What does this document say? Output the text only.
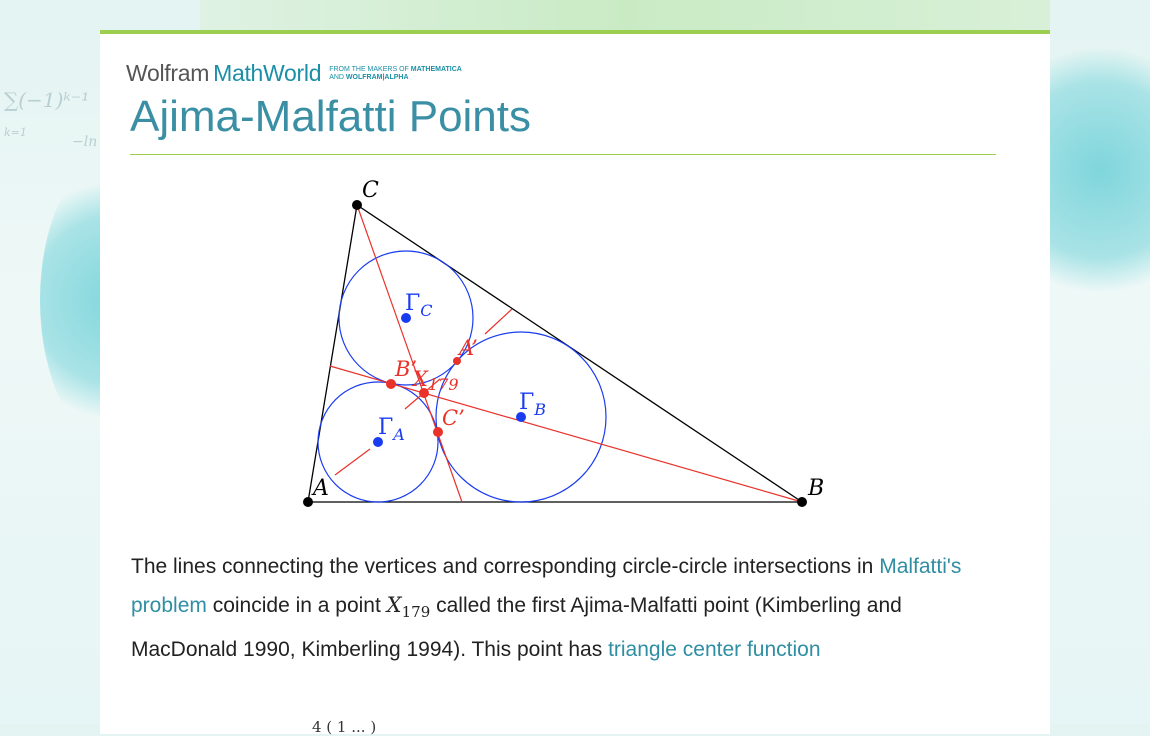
∑(−1)ᵏ⁻¹
k=1
−ln
Wolfram MathWorld FROM THE MAKERS OF MATHEMATICA
AND WOLFRAM|ALPHA
Ajima-Malfatti Points
A	B
C
$\Gamma_A$
$\Gamma_B$
$\Gamma_C$
A’
B’
C’
X179
The lines connecting the vertices and corresponding circle-circle intersections in Malfatti's problem coincide in a point $X_{179}$ called the first Ajima-Malfatti point (Kimberling and MacDonald 1990, Kimberling 1994). This point has triangle center function
4 ( 1 ... )
